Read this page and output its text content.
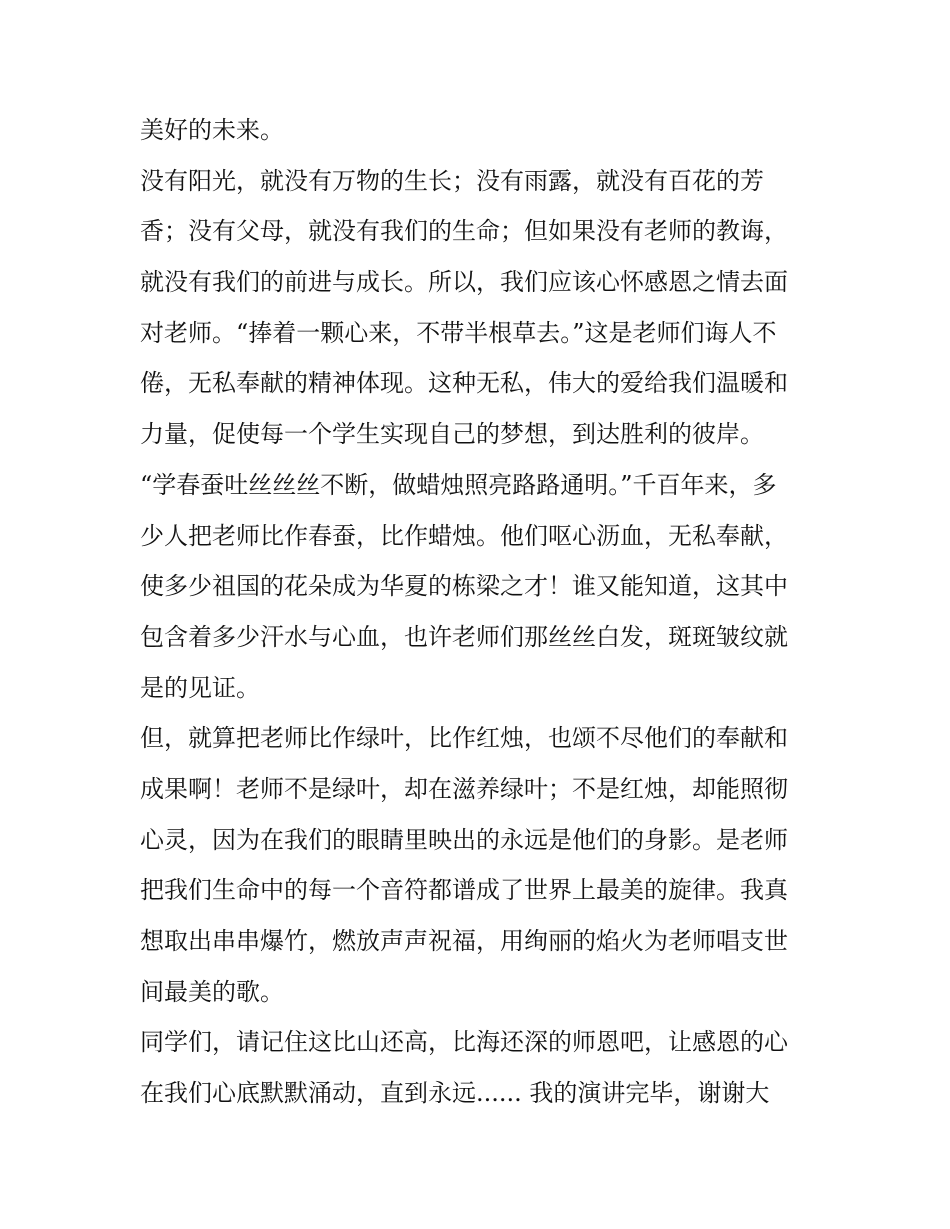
美好的未来。
没有阳光，就没有万物的生长；没有雨露，就没有百花的芳
香；没有父母，就没有我们的生命；但如果没有老师的教诲，
就没有我们的前进与成长。所以，我们应该心怀感恩之情去面
对老师。“捧着一颗心来，不带半根草去。”这是老师们诲人不
倦，无私奉献的精神体现。这种无私，伟大的爱给我们温暖和
力量，促使每一个学生实现自己的梦想，到达胜利的彼岸。
“学春蚕吐丝丝丝不断，做蜡烛照亮路路通明。”千百年来，多
少人把老师比作春蚕，比作蜡烛。他们呕心沥血，无私奉献，
使多少祖国的花朵成为华夏的栋梁之才！谁又能知道，这其中
包含着多少汗水与心血，也许老师们那丝丝白发，斑斑皱纹就
是的见证。
但，就算把老师比作绿叶，比作红烛，也颂不尽他们的奉献和
成果啊！老师不是绿叶，却在滋养绿叶；不是红烛，却能照彻
心灵，因为在我们的眼睛里映出的永远是他们的身影。是老师
把我们生命中的每一个音符都谱成了世界上最美的旋律。我真
想取出串串爆竹，燃放声声祝福，用绚丽的焰火为老师唱支世
间最美的歌。
同学们，请记住这比山还高，比海还深的师恩吧，让感恩的心
在我们心底默默涌动，直到永远...... 我的演讲完毕，谢谢大
